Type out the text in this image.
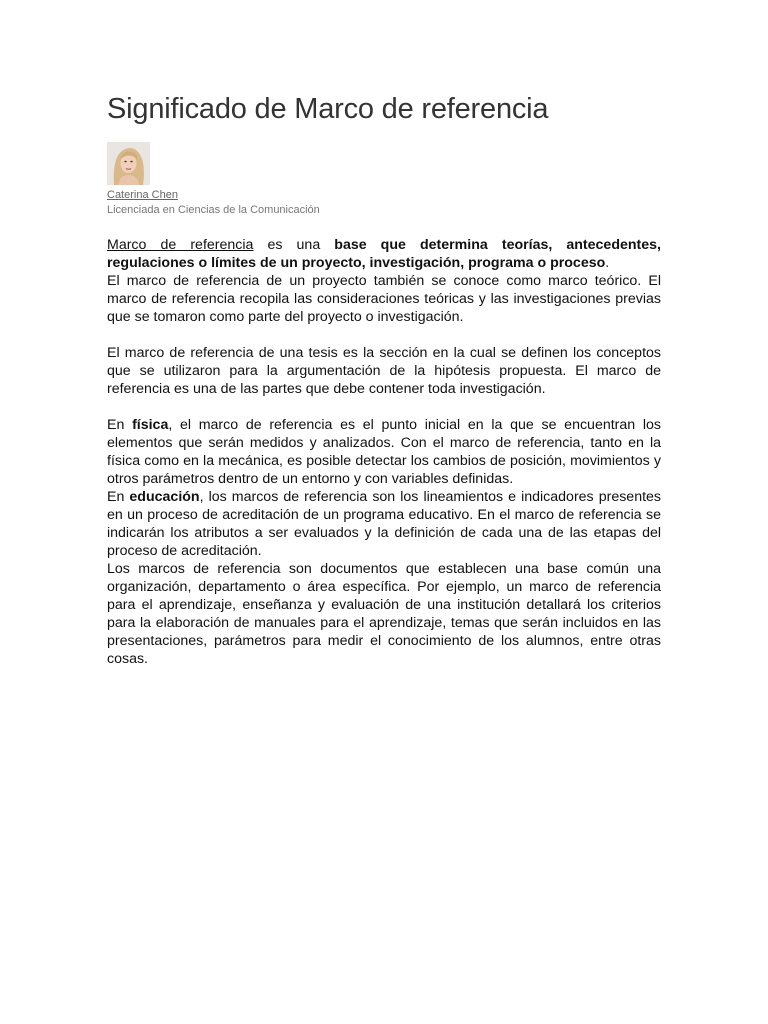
Significado de Marco de referencia
Caterina Chen
Licenciada en Ciencias de la Comunicación

Marco de referencia es una base que determina teorías, antecedentes, regulaciones o límites de un proyecto, investigación, programa o proceso.

El marco de referencia de un proyecto también se conoce como marco teórico. El marco de referencia recopila las consideraciones teóricas y las investigaciones previas que se tomaron como parte del proyecto o investigación.

El marco de referencia de una tesis es la sección en la cual se definen los conceptos que se utilizaron para la argumentación de la hipótesis propuesta. El marco de referencia es una de las partes que debe contener toda investigación.

En física, el marco de referencia es el punto inicial en la que se encuentran los elementos que serán medidos y analizados. Con el marco de referencia, tanto en la física como en la mecánica, es posible detectar los cambios de posición, movimientos y otros parámetros dentro de un entorno y con variables definidas.

En educación, los marcos de referencia son los lineamientos e indicadores presentes en un proceso de acreditación de un programa educativo. En el marco de referencia se indicarán los atributos a ser evaluados y la definición de cada una de las etapas del proceso de acreditación.

Los marcos de referencia son documentos que establecen una base común una organización, departamento o área específica. Por ejemplo, un marco de referencia para el aprendizaje, enseñanza y evaluación de una institución detallará los criterios para la elaboración de manuales para el aprendizaje, temas que serán incluidos en las presentaciones, parámetros para medir el conocimiento de los alumnos, entre otras cosas.
